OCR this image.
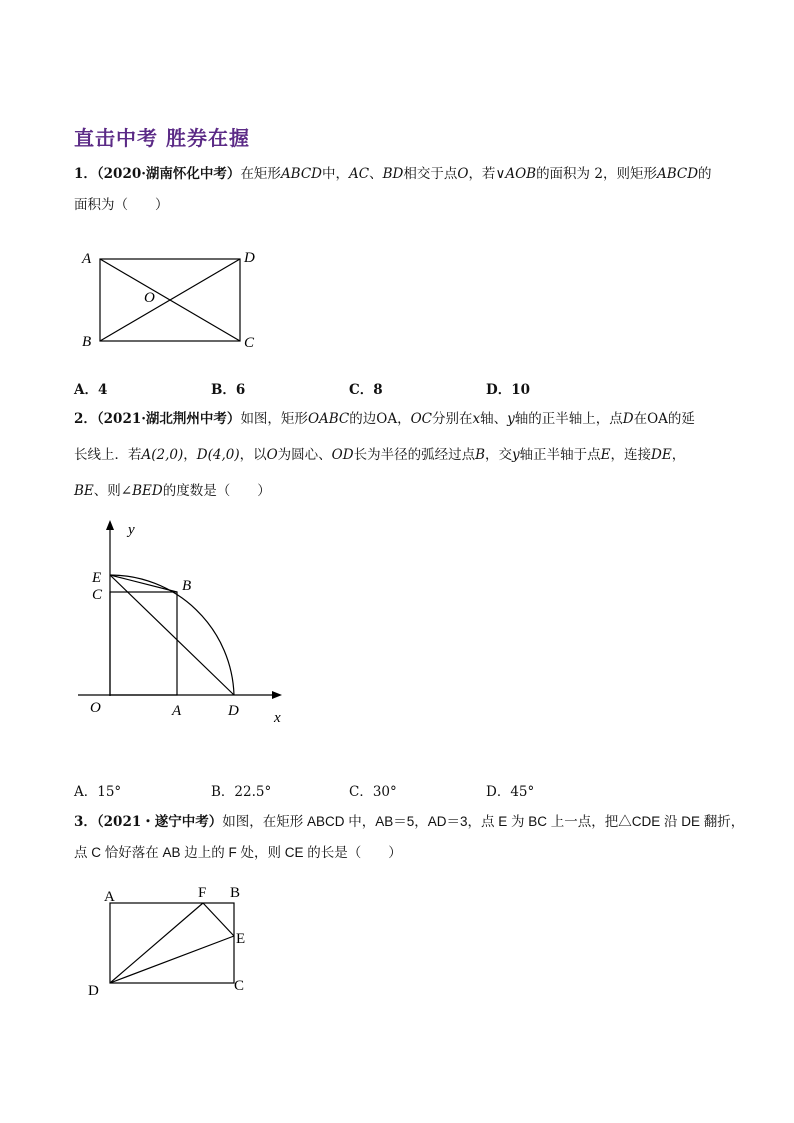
直击中考 胜券在握
1．（2020·湖南怀化中考）在矩形ABCD中，AC、BD相交于点O，若∨AOB的面积为 2，则矩形ABCD的
面积为（　　）
A	D
O
B	C
A．4	B．6	C．8	D．10
2．（2021·湖北荆州中考）如图，矩形OABC的边OA，OC分别在x轴、y轴的正半轴上，点D在OA的延
长线上．若A(2,0)，D(4,0)，以O为圆心、OD长为半径的弧经过点B，交y轴正半轴于点E，连接DE，
BE、则∠BED的度数是（　　）
y
x
E
C
B
O	A	D
A．15°	B．22.5°	C．30°	D．45°
3．（2021・遂宁中考）如图，在矩形 ABCD 中，AB＝5，AD＝3，点 E 为 BC 上一点，把△CDE 沿 DE 翻折，
点 C 恰好落在 AB 边上的 F 处，则 CE 的长是（　　）
A	F B
E
D	C
